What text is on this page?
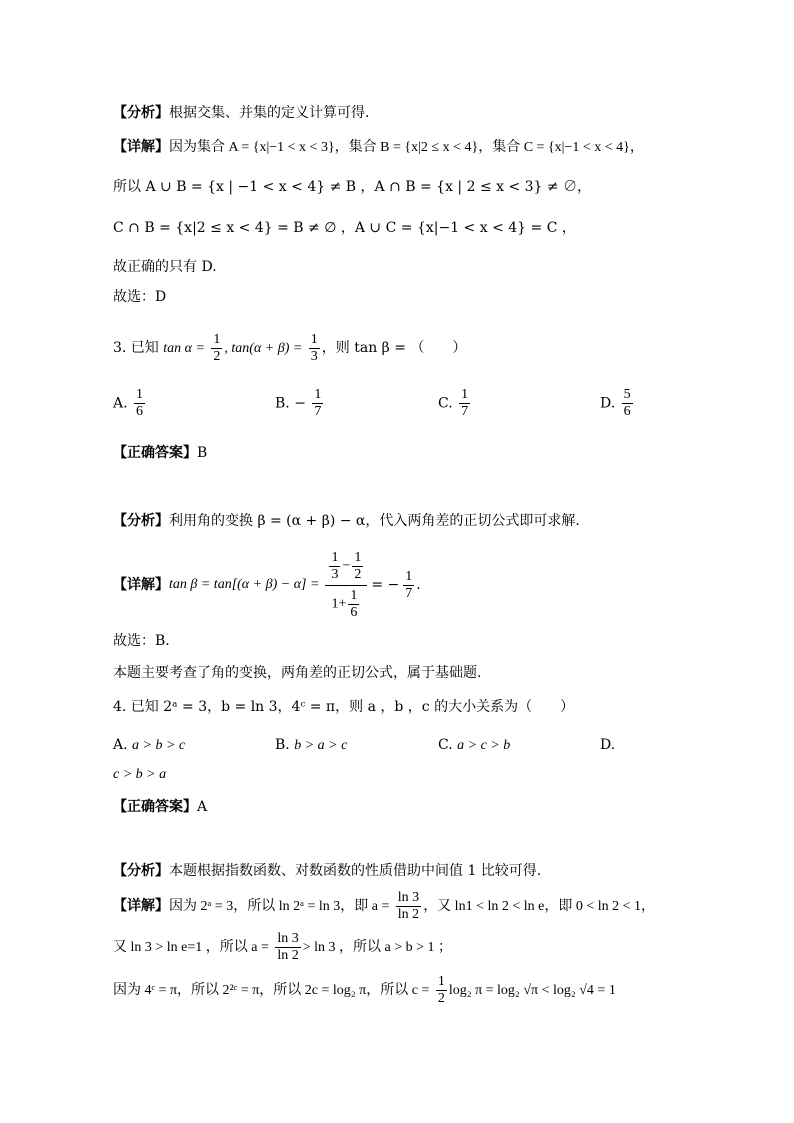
【分析】根据交集、并集的定义计算可得.
【详解】因为集合 A = {x|−1 < x < 3}，集合 B = {x|2 ≤ x < 4}，集合 C = {x|−1 < x < 4}，
所以 A ∪ B = {x | −1 < x < 4} ≠ B ，A ∩ B = {x | 2 ≤ x < 3} ≠ ∅，
C ∩ B = {x|2 ≤ x < 4} = B ≠ ∅ ，A ∪ C = {x|−1 < x < 4} = C ，
故正确的只有 D.
故选：D
3. 已知 $\tan \alpha = \frac{1}{2}$ , $\tan(\alpha + \beta) = \frac{1}{3}$ ，则 tan β = （　　）
A. $\frac{1}{6}$	B. − $\frac{1}{7}$	C. $\frac{1}{7}$	D. $\frac{5}{6}$
【正确答案】B
【分析】利用角的变换 β = (α + β) − α，代入两角差的正切公式即可求解.
【详解】 $\tan \beta = \tan[(\alpha + \beta) - \alpha] = \frac{\frac{1}{3} - \frac{1}{2}}{1+ \frac{1}{6}}$ = − $\frac{1}{7}$ .
故选：B.
本题主要考查了角的变换，两角差的正切公式，属于基础题.
4. 已知 2ᵃ = 3，b = ln 3，4ᶜ = π，则 a ，b ，c 的大小关系为（　　）
A. a > b > c	B. b > a > c	C. a > c > b	D.
c > b > a
【正确答案】A
【分析】本题根据指数函数、对数函数的性质借助中间值 1 比较可得.
【详解】因为 2ᵃ = 3，所以 ln 2ᵃ = ln 3，即 $a = \frac{\ln 3}{\ln 2}$ ，又 ln1 < ln 2 < ln e，即 0 < ln 2 < 1，
又 ln 3 > ln e=1 ，所以 $a = \frac{\ln 3}{\ln 2} > \ln 3$ ，所以 a > b > 1 ；
因为 4ᶜ = π，所以 2²ᶜ = π，所以 2c = log₂ π，所以 $c = \frac{1}{2} \log_2$ π = log₂ √π < log₂ √4 = 1
